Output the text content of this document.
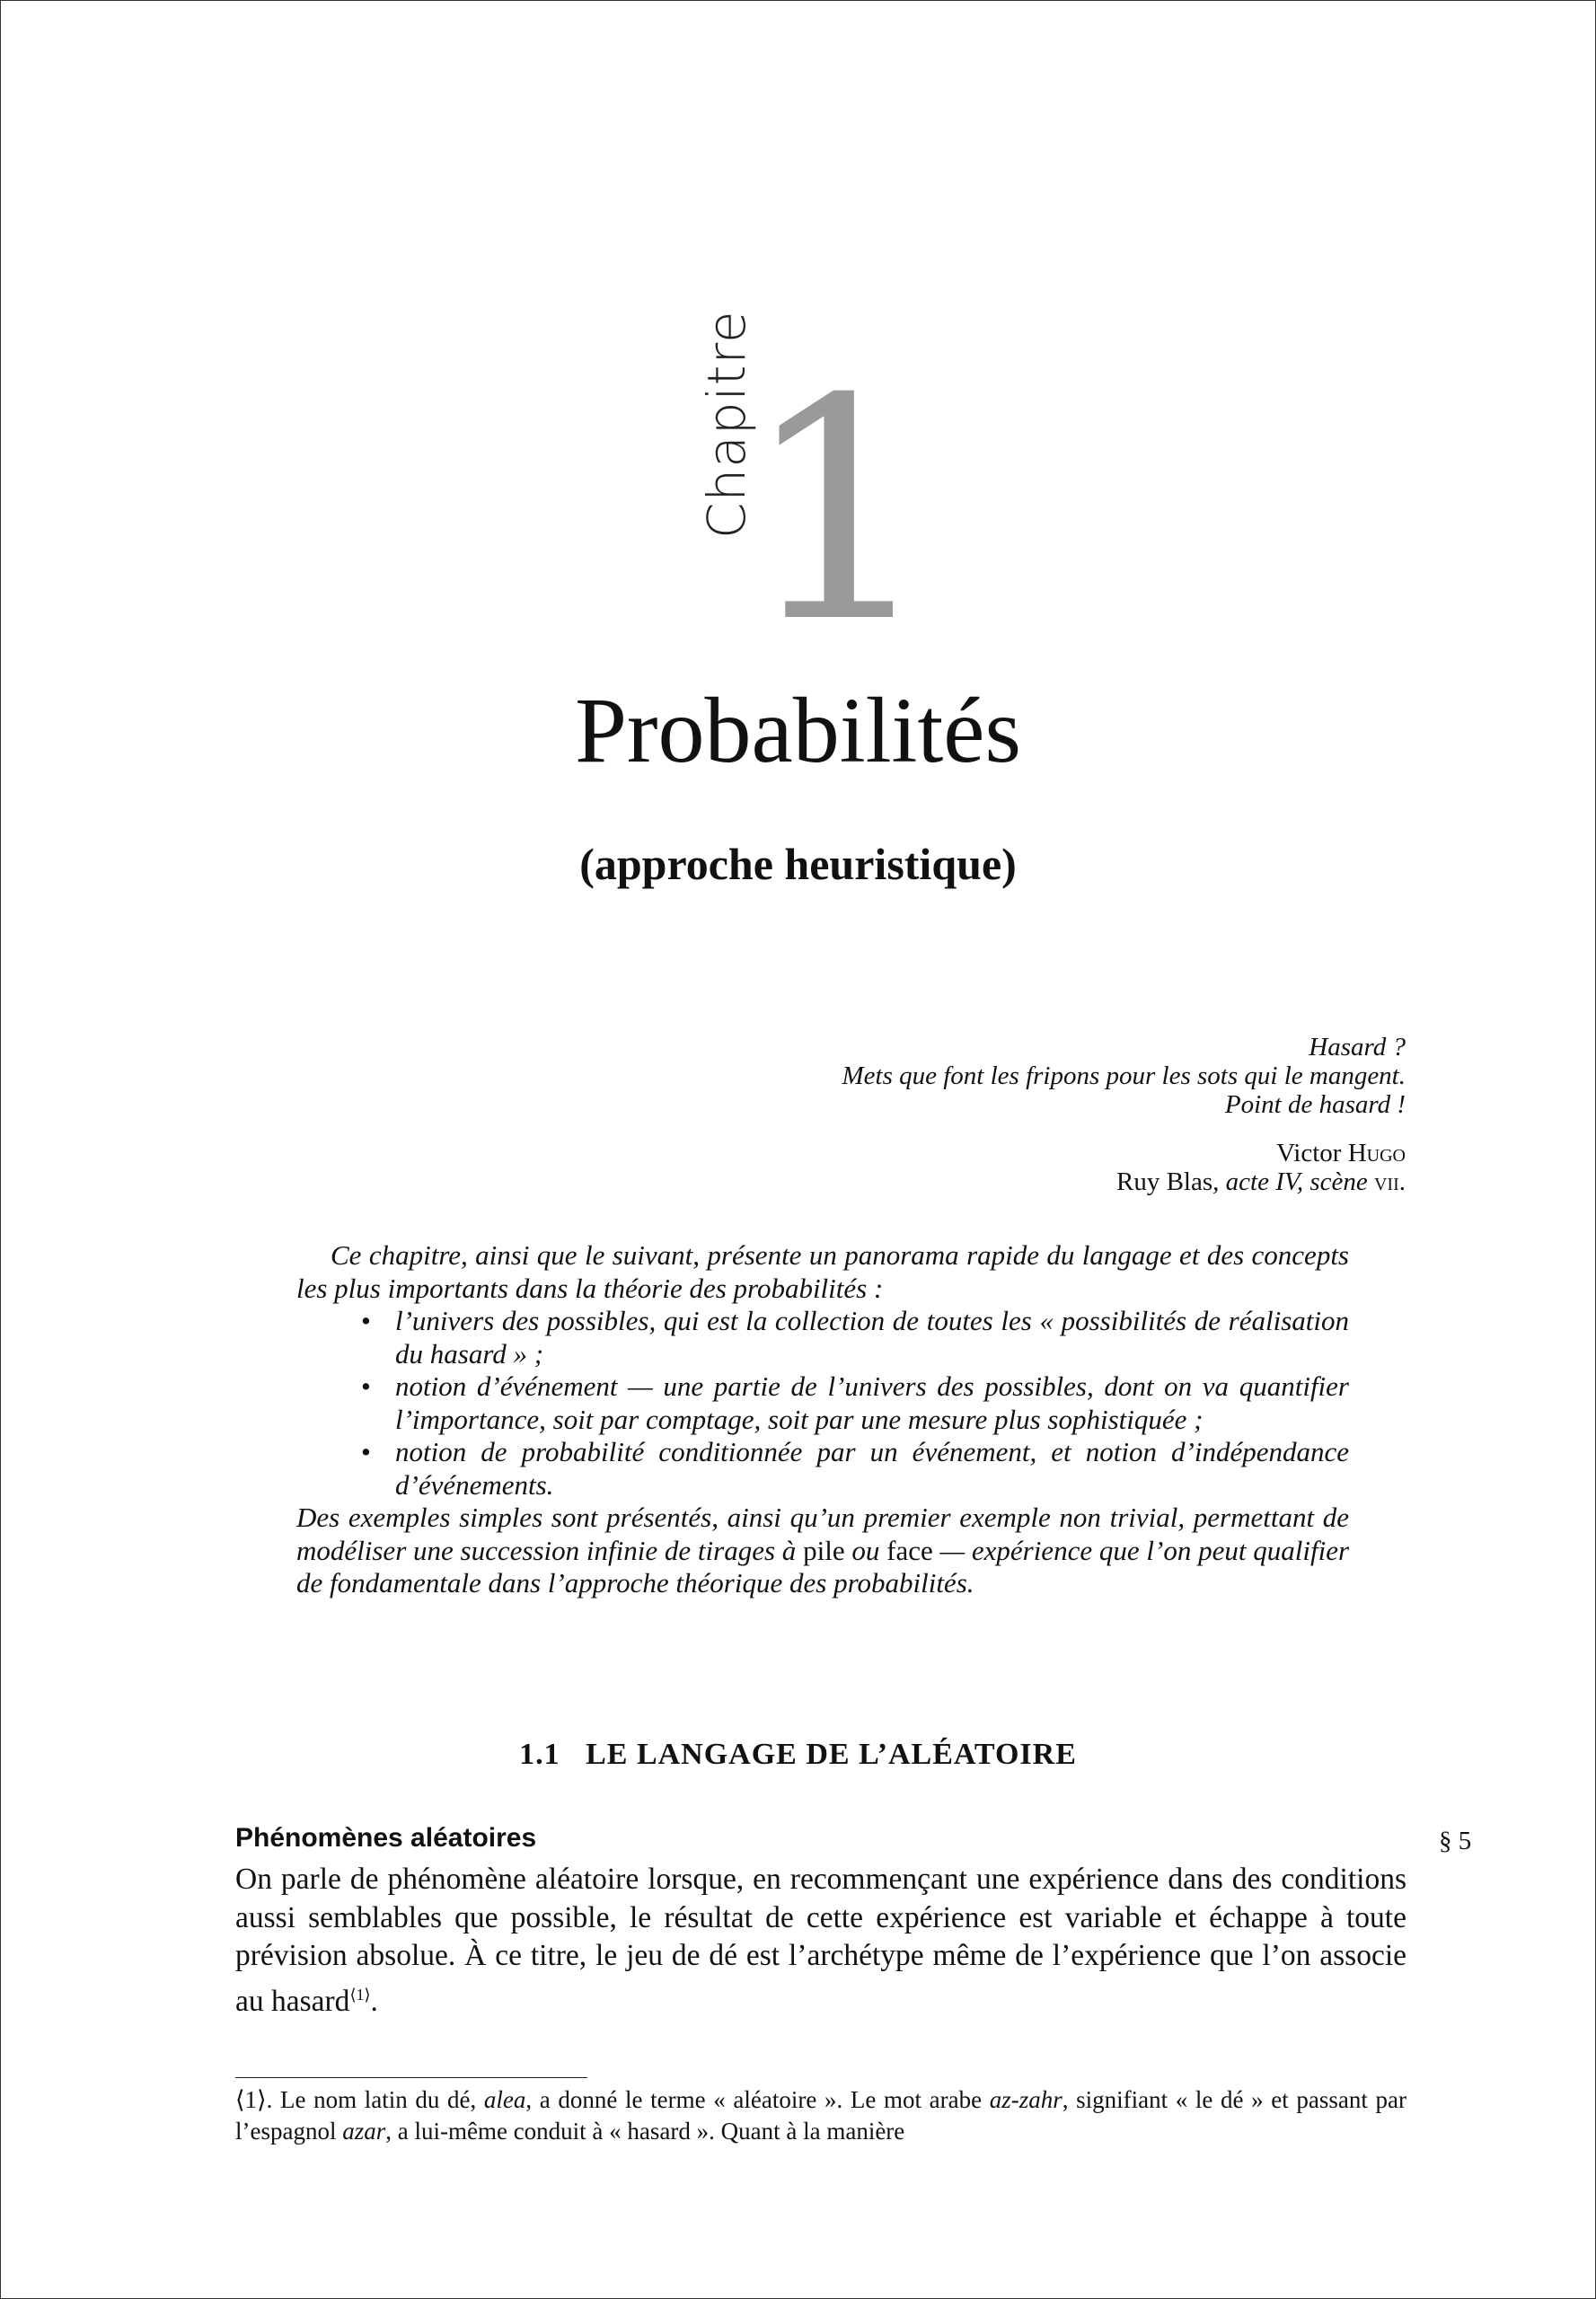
Chapitre
1
Probabilités
(approche heuristique)
Hasard ?
Mets que font les fripons pour les sots qui le mangent.
Point de hasard !
Victor Hugo
Ruy Blas, acte IV, scène vii.

Ce chapitre, ainsi que le suivant, présente un panorama rapide du langage et des concepts les plus importants dans la théorie des probabilités :

• l’univers des possibles, qui est la collection de toutes les « possibilités de réalisation du hasard » ;
• notion d’événement — une partie de l’univers des possibles, dont on va quantifier l’importance, soit par comptage, soit par une mesure plus sophistiquée ;
• notion de probabilité conditionnée par un événement, et notion d’indépendance d’événements.

Des exemples simples sont présentés, ainsi qu’un premier exemple non trivial, permettant de modéliser une succession infinie de tirages à pile ou face — expérience que l’on peut qualifier de fondamentale dans l’approche théorique des probabilités.

1.1 LE LANGAGE DE L’ALÉATOIRE
Phénomènes aléatoires	§ 5
On parle de phénomène aléatoire lorsque, en recommençant une expérience dans des conditions aussi semblables que possible, le résultat de cette expérience est variable et échappe à toute prévision absolue. À ce titre, le jeu de dé est l’archétype même de l’expérience que l’on associe au hasard$^{⟨1⟩}$.
⟨1⟩. Le nom latin du dé, alea, a donné le terme « aléatoire ». Le mot arabe az-zahr, signifiant « le dé » et passant par l’espagnol azar, a lui-même conduit à « hasard ». Quant à la manière
